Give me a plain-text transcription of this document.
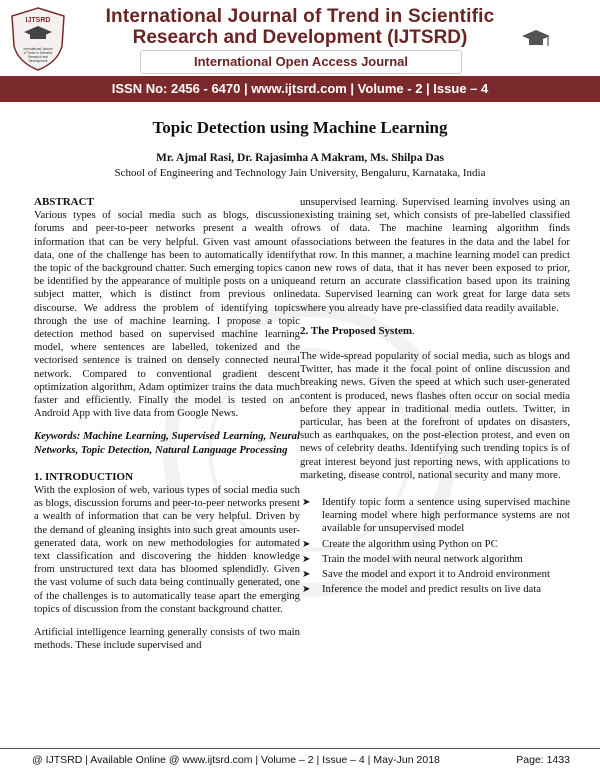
IJTSRD
International Journal
of Trend in Scientific
Research and
Development
International Journal of Trend in Scientific
Research and Development (IJTSRD)
International Open Access Journal
ISSN No: 2456 - 6470 | www.ijtsrd.com | Volume - 2 | Issue – 4
Topic Detection using Machine Learning
Mr. Ajmal Rasi, Dr. Rajasimha A Makram, Ms. Shilpa Das
School of Engineering and Technology Jain University, Bengaluru, Karnataka, India
ABSTRACT

Various types of social media such as blogs, discussion forums and peer-to-peer networks present a wealth of information that can be very helpful. Given vast amount of data, one of the challenge has been to automatically identify the topic of the background chatter. Such emerging topics can be identified by the appearance of multiple posts on a unique subject matter, which is distinct from previous online discourse. We address the problem of identifying topics through the use of machine learning. I propose a topic detection method based on supervised machine learning model, where sentences are labelled, tokenized and the vectorised sentence is trained on densely connected neural network. Compared to conventional gradient descent optimization algorithm, Adam optimizer trains the data much faster and efficiently. Finally the model is tested on an Android App with live data from Google News.

Keywords: Machine Learning, Supervised Learning, Neural Networks, Topic Detection, Natural Language Processing

1. INTRODUCTION

With the explosion of web, various types of social media such as blogs, discussion forums and peer-to-peer networks present a wealth of information that can be very helpful. Driven by the demand of gleaning insights into such great amounts user-generated data, work on new methodologies for automated text classification and discovering the hidden knowledge from unstructured text data has bloomed splendidly. Given the vast volume of such data being continually generated, one of the challenges is to automatically tease apart the emerging topics of discussion from the constant background chatter.

Artificial intelligence learning generally consists of two main methods. These include supervised and

unsupervised learning. Supervised learning involves using an existing training set, which consists of pre-labelled classified rows of data. The machine learning algorithm finds associations between the features in the data and the label for that row. In this manner, a machine learning model can predict on new rows of data, that it has never been exposed to prior, and return an accurate classification based upon its training data. Supervised learning can work great for large data sets where you already have pre-classified data readily available.

2. The Proposed System.

The wide-spread popularity of social media, such as blogs and Twitter, has made it the focal point of online discussion and breaking news. Given the speed at which such user-generated content is produced, news flashes often occur on social media before they appear in traditional media outlets. Twitter, in particular, has been at the forefront of updates on disasters, such as earthquakes, on the post-election protest, and even on news of celebrity deaths. Identifying such trending topics is of great interest beyond just reporting news, with applications to marketing, disease control, national security and many more.

➤ Identify topic form a sentence using supervised machine learning model where high performance systems are not available for unsupervised model
➤ Create the algorithm using Python on PC
➤ Train the model with neural network algorithm
➤ Save the model and export it to Android environment
➤ Inference the model and predict results on live data
@ IJTSRD | Available Online @ www.ijtsrd.com | Volume – 2 | Issue – 4 | May-Jun 2018	Page: 1433
